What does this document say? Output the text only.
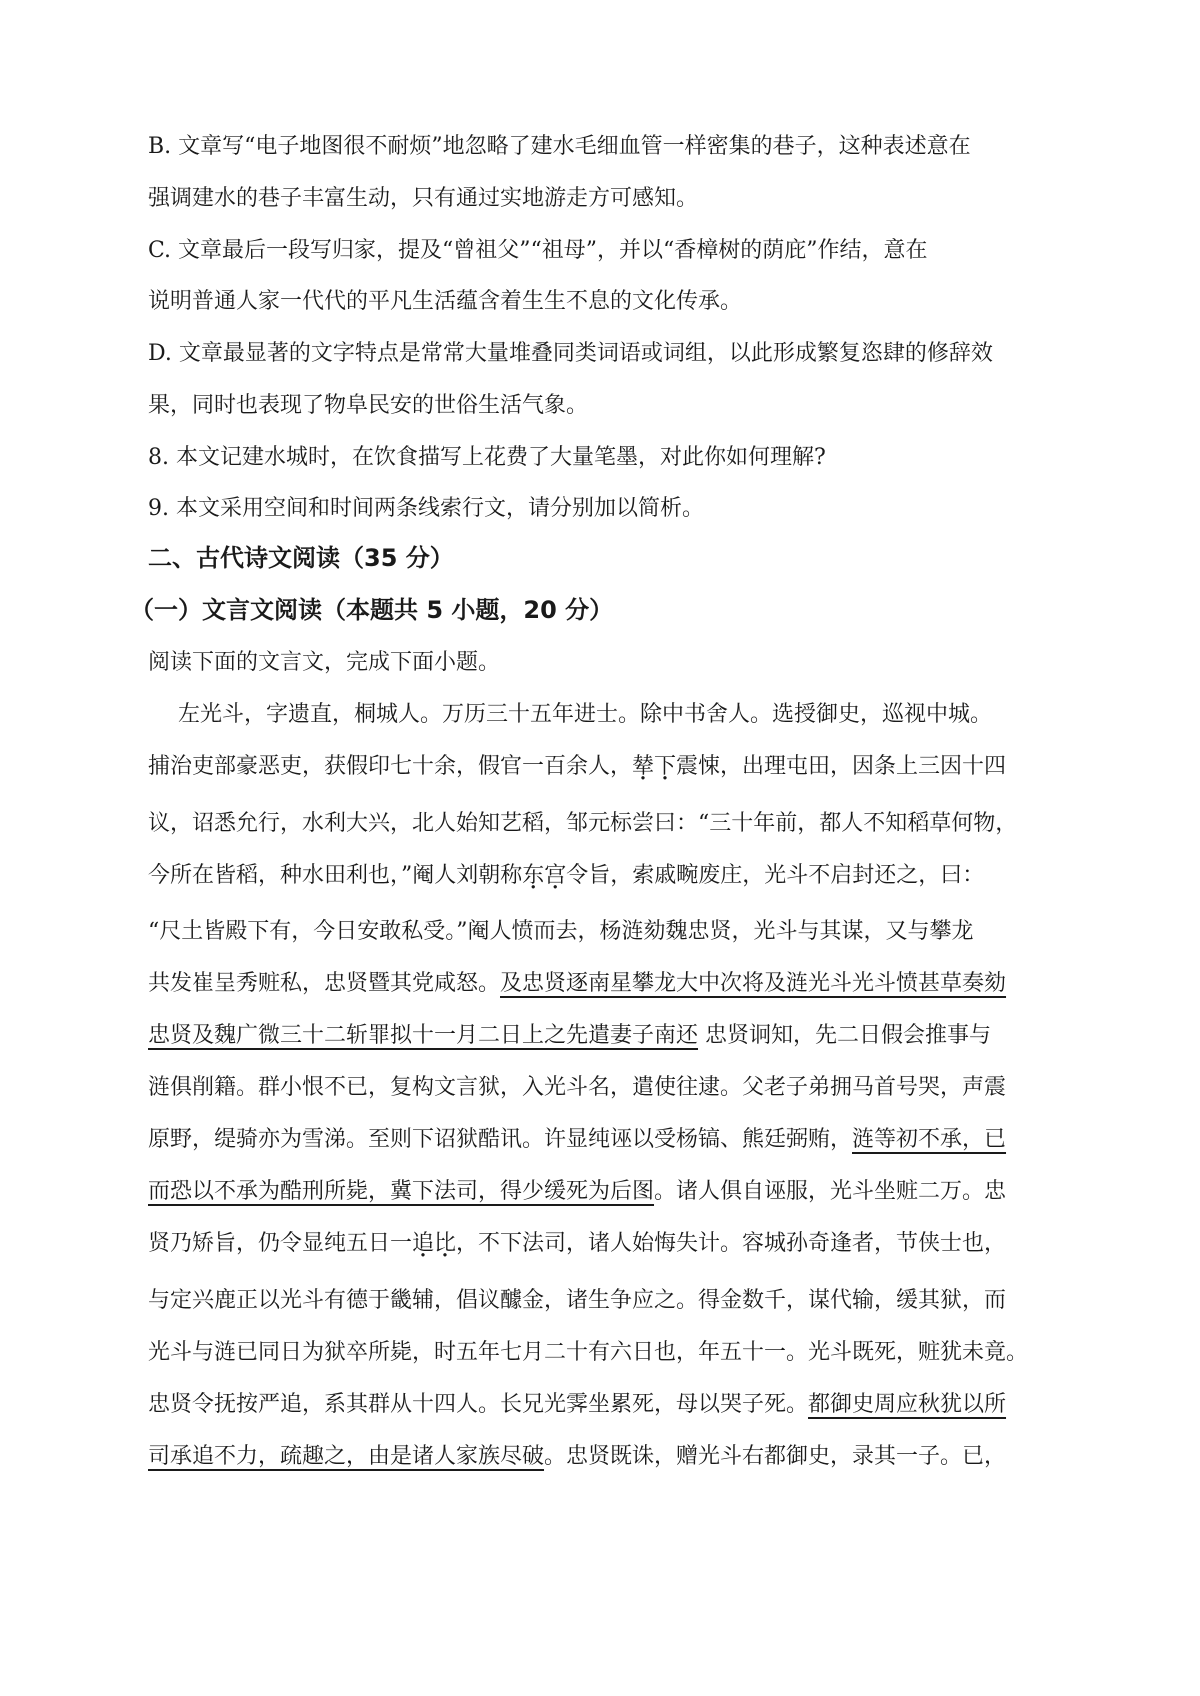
B. 文章写“电子地图很不耐烦”地忽略了建水毛细血管一样密集的巷子，这种表述意在
强调建水的巷子丰富生动，只有通过实地游走方可感知。
C. 文章最后一段写归家，提及“曾祖父”“祖母”，并以“香樟树的荫庇”作结，意在
说明普通人家一代代的平凡生活蕴含着生生不息的文化传承。
D. 文章最显著的文字特点是常常大量堆叠同类词语或词组，以此形成繁复恣肆的修辞效
果，同时也表现了物阜民安的世俗生活气象。
8. 本文记建水城时，在饮食描写上花费了大量笔墨，对此你如何理解?
9. 本文采用空间和时间两条线索行文，请分别加以简析。
二、古代诗文阅读（35 分）
（一）文言文阅读（本题共 5 小题，20 分）
阅读下面的文言文，完成下面小题。
左光斗，字遗直，桐城人。万历三十五年进士。除中书舍人。选授御史，巡视中城。
捕治吏部豪恶吏，获假印七十余，假官一百余人，辇下震悚，出理屯田，因条上三因十四
议，诏悉允行，水利大兴，北人始知艺稻，邹元标尝曰：“三十年前，都人不知稻草何物，
今所在皆稻，种水田利也，”阉人刘朝称东宫令旨，索戚畹废庄，光斗不启封还之，曰：
“尺土皆殿下有，今日安敢私受。”阉人愤而去，杨涟劾魏忠贤，光斗与其谋，又与攀龙
共发崔呈秀赃私，忠贤暨其党咸怒。及忠贤逐南星攀龙大中次将及涟光斗光斗愤甚草奏劾
忠贤及魏广微三十二斩罪拟十一月二日上之先遣妻子南还 忠贤诇知，先二日假会推事与
涟俱削籍。群小恨不已，复构文言狱，入光斗名，遣使往逮。父老子弟拥马首号哭，声震
原野，缇骑亦为雪涕。至则下诏狱酷讯。许显纯诬以受杨镐、熊廷弼贿，涟等初不承，已
而恐以不承为酷刑所毙，冀下法司，得少缓死为后图。诸人俱自诬服，光斗坐赃二万。忠
贤乃矫旨，仍令显纯五日一追比，不下法司，诸人始悔失计。容城孙奇逢者，节侠士也，
与定兴鹿正以光斗有德于畿辅，倡议醵金，诸生争应之。得金数千，谋代输，缓其狱，而
光斗与涟已同日为狱卒所毙，时五年七月二十有六日也，年五十一。光斗既死，赃犹未竟。
忠贤令抚按严追，系其群从十四人。长兄光霁坐累死，母以哭子死。都御史周应秋犹以所
司承追不力，疏趣之，由是诸人家族尽破。忠贤既诛，赠光斗右都御史，录其一子。已，
